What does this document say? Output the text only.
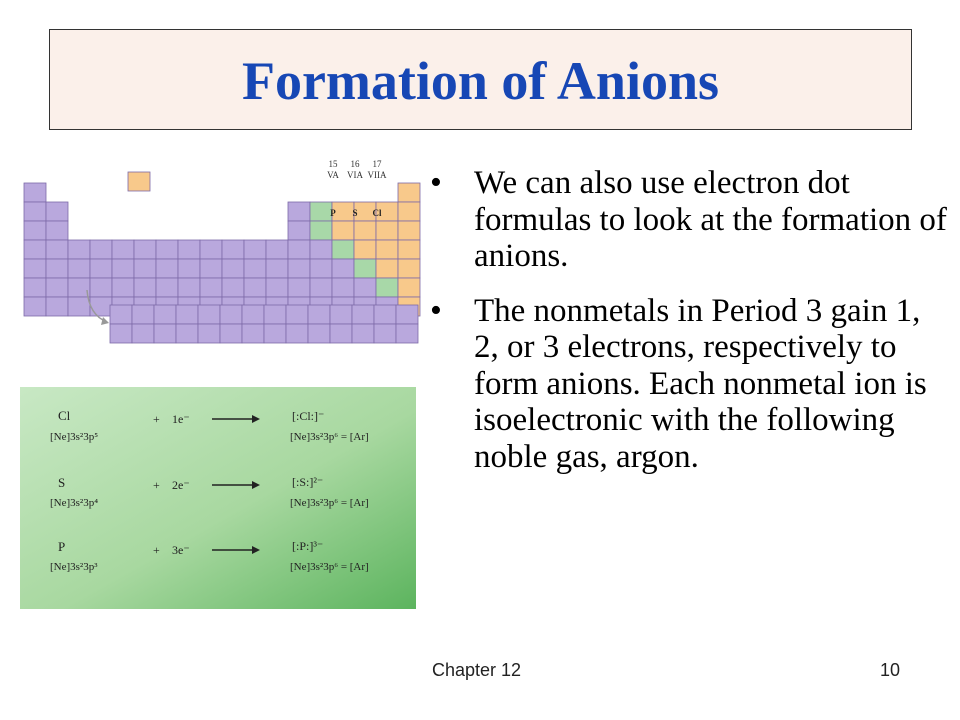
Formation of Anions
15 16 17
VA VIA VIIA
P S Cl
Cl
[Ne]3s²3p⁵
+ 1e⁻	[:Cl:]⁻
[Ne]3s²3p⁶ = [Ar]
S
[Ne]3s²3p⁴
+ 2e⁻	[:S:]²⁻
[Ne]3s²3p⁶ = [Ar]
P
[Ne]3s²3p³
+ 3e⁻	[:P:]³⁻
[Ne]3s²3p⁶ = [Ar]
• We can also use electron dot formulas to look at the formation of anions.
• The nonmetals in Period 3 gain 1, 2, or 3 electrons, respectively to form anions. Each nonmetal ion is isoelectronic with the following noble gas, argon.
Chapter 12	10
